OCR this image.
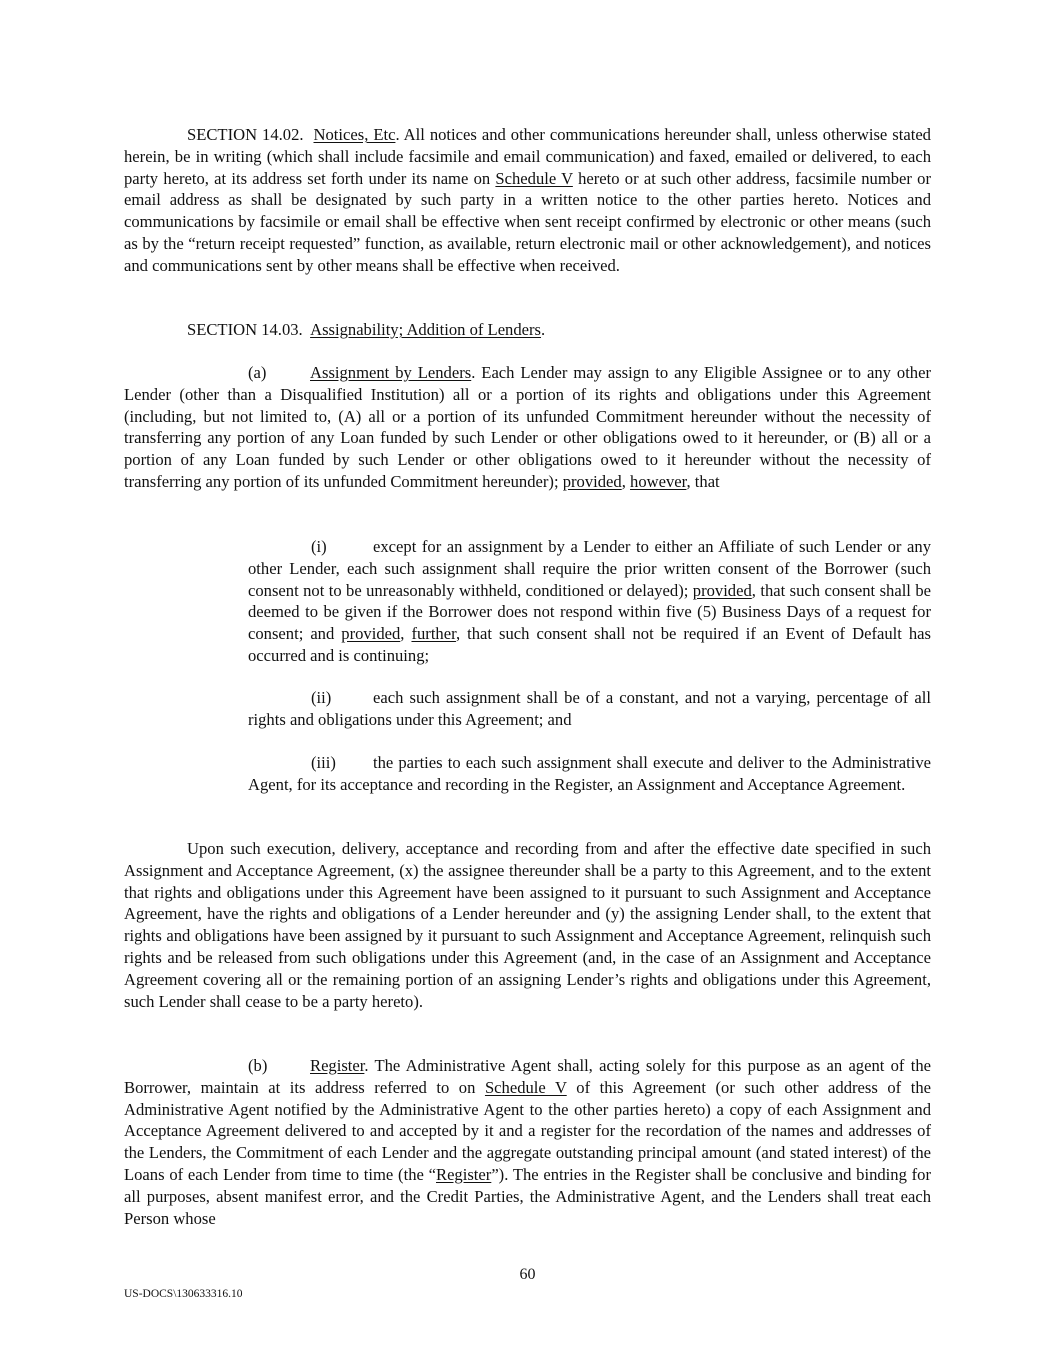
SECTION 14.02. Notices, Etc. All notices and other communications hereunder shall, unless otherwise stated herein, be in writing (which shall include facsimile and email communication) and faxed, emailed or delivered, to each party hereto, at its address set forth under its name on Schedule V hereto or at such other address, facsimile number or email address as shall be designated by such party in a written notice to the other parties hereto. Notices and communications by facsimile or email shall be effective when sent receipt confirmed by electronic or other means (such as by the “return receipt requested” function, as available, return electronic mail or other acknowledgement), and notices and communications sent by other means shall be effective when received.

SECTION 14.03. Assignability; Addition of Lenders.

(a)	Assignment by Lenders. Each Lender may assign to any Eligible Assignee or to any other Lender (other than a Disqualified Institution) all or a portion of its rights and obligations under this Agreement (including, but not limited to, (A) all or a portion of its unfunded Commitment hereunder without the necessity of transferring any portion of any Loan funded by such Lender or other obligations owed to it hereunder, or (B) all or a portion of any Loan funded by such Lender or other obligations owed to it hereunder without the necessity of transferring any portion of its unfunded Commitment hereunder); provided, however, that

(i)	except for an assignment by a Lender to either an Affiliate of such Lender or any other Lender, each such assignment shall require the prior written consent of the Borrower (such consent not to be unreasonably withheld, conditioned or delayed); provided, that such consent shall be deemed to be given if the Borrower does not respond within five (5) Business Days of a request for consent; and provided, further, that such consent shall not be required if an Event of Default has occurred and is continuing;

(ii)	each such assignment shall be of a constant, and not a varying, percentage of all rights and obligations under this Agreement; and

(iii) the parties to each such assignment shall execute and deliver to the Administrative Agent, for its acceptance and recording in the Register, an Assignment and Acceptance Agreement.

Upon such execution, delivery, acceptance and recording from and after the effective date specified in such Assignment and Acceptance Agreement, (x) the assignee thereunder shall be a party to this Agreement, and to the extent that rights and obligations under this Agreement have been assigned to it pursuant to such Assignment and Acceptance Agreement, have the rights and obligations of a Lender hereunder and (y) the assigning Lender shall, to the extent that rights and obligations have been assigned by it pursuant to such Assignment and Acceptance Agreement, relinquish such rights and be released from such obligations under this Agreement (and, in the case of an Assignment and Acceptance Agreement covering all or the remaining portion of an assigning Lender’s rights and obligations under this Agreement, such Lender shall cease to be a party hereto).

(b)	Register. The Administrative Agent shall, acting solely for this purpose as an agent of the Borrower, maintain at its address referred to on Schedule V of this Agreement (or such other address of the Administrative Agent notified by the Administrative Agent to the other parties hereto) a copy of each Assignment and Acceptance Agreement delivered to and accepted by it and a register for the recordation of the names and addresses of the Lenders, the Commitment of each Lender and the aggregate outstanding principal amount (and stated interest) of the Loans of each Lender from time to time (the “Register”). The entries in the Register shall be conclusive and binding for all purposes, absent manifest error, and the Credit Parties, the Administrative Agent, and the Lenders shall treat each Person whose

60

US-DOCS\130633316.10
